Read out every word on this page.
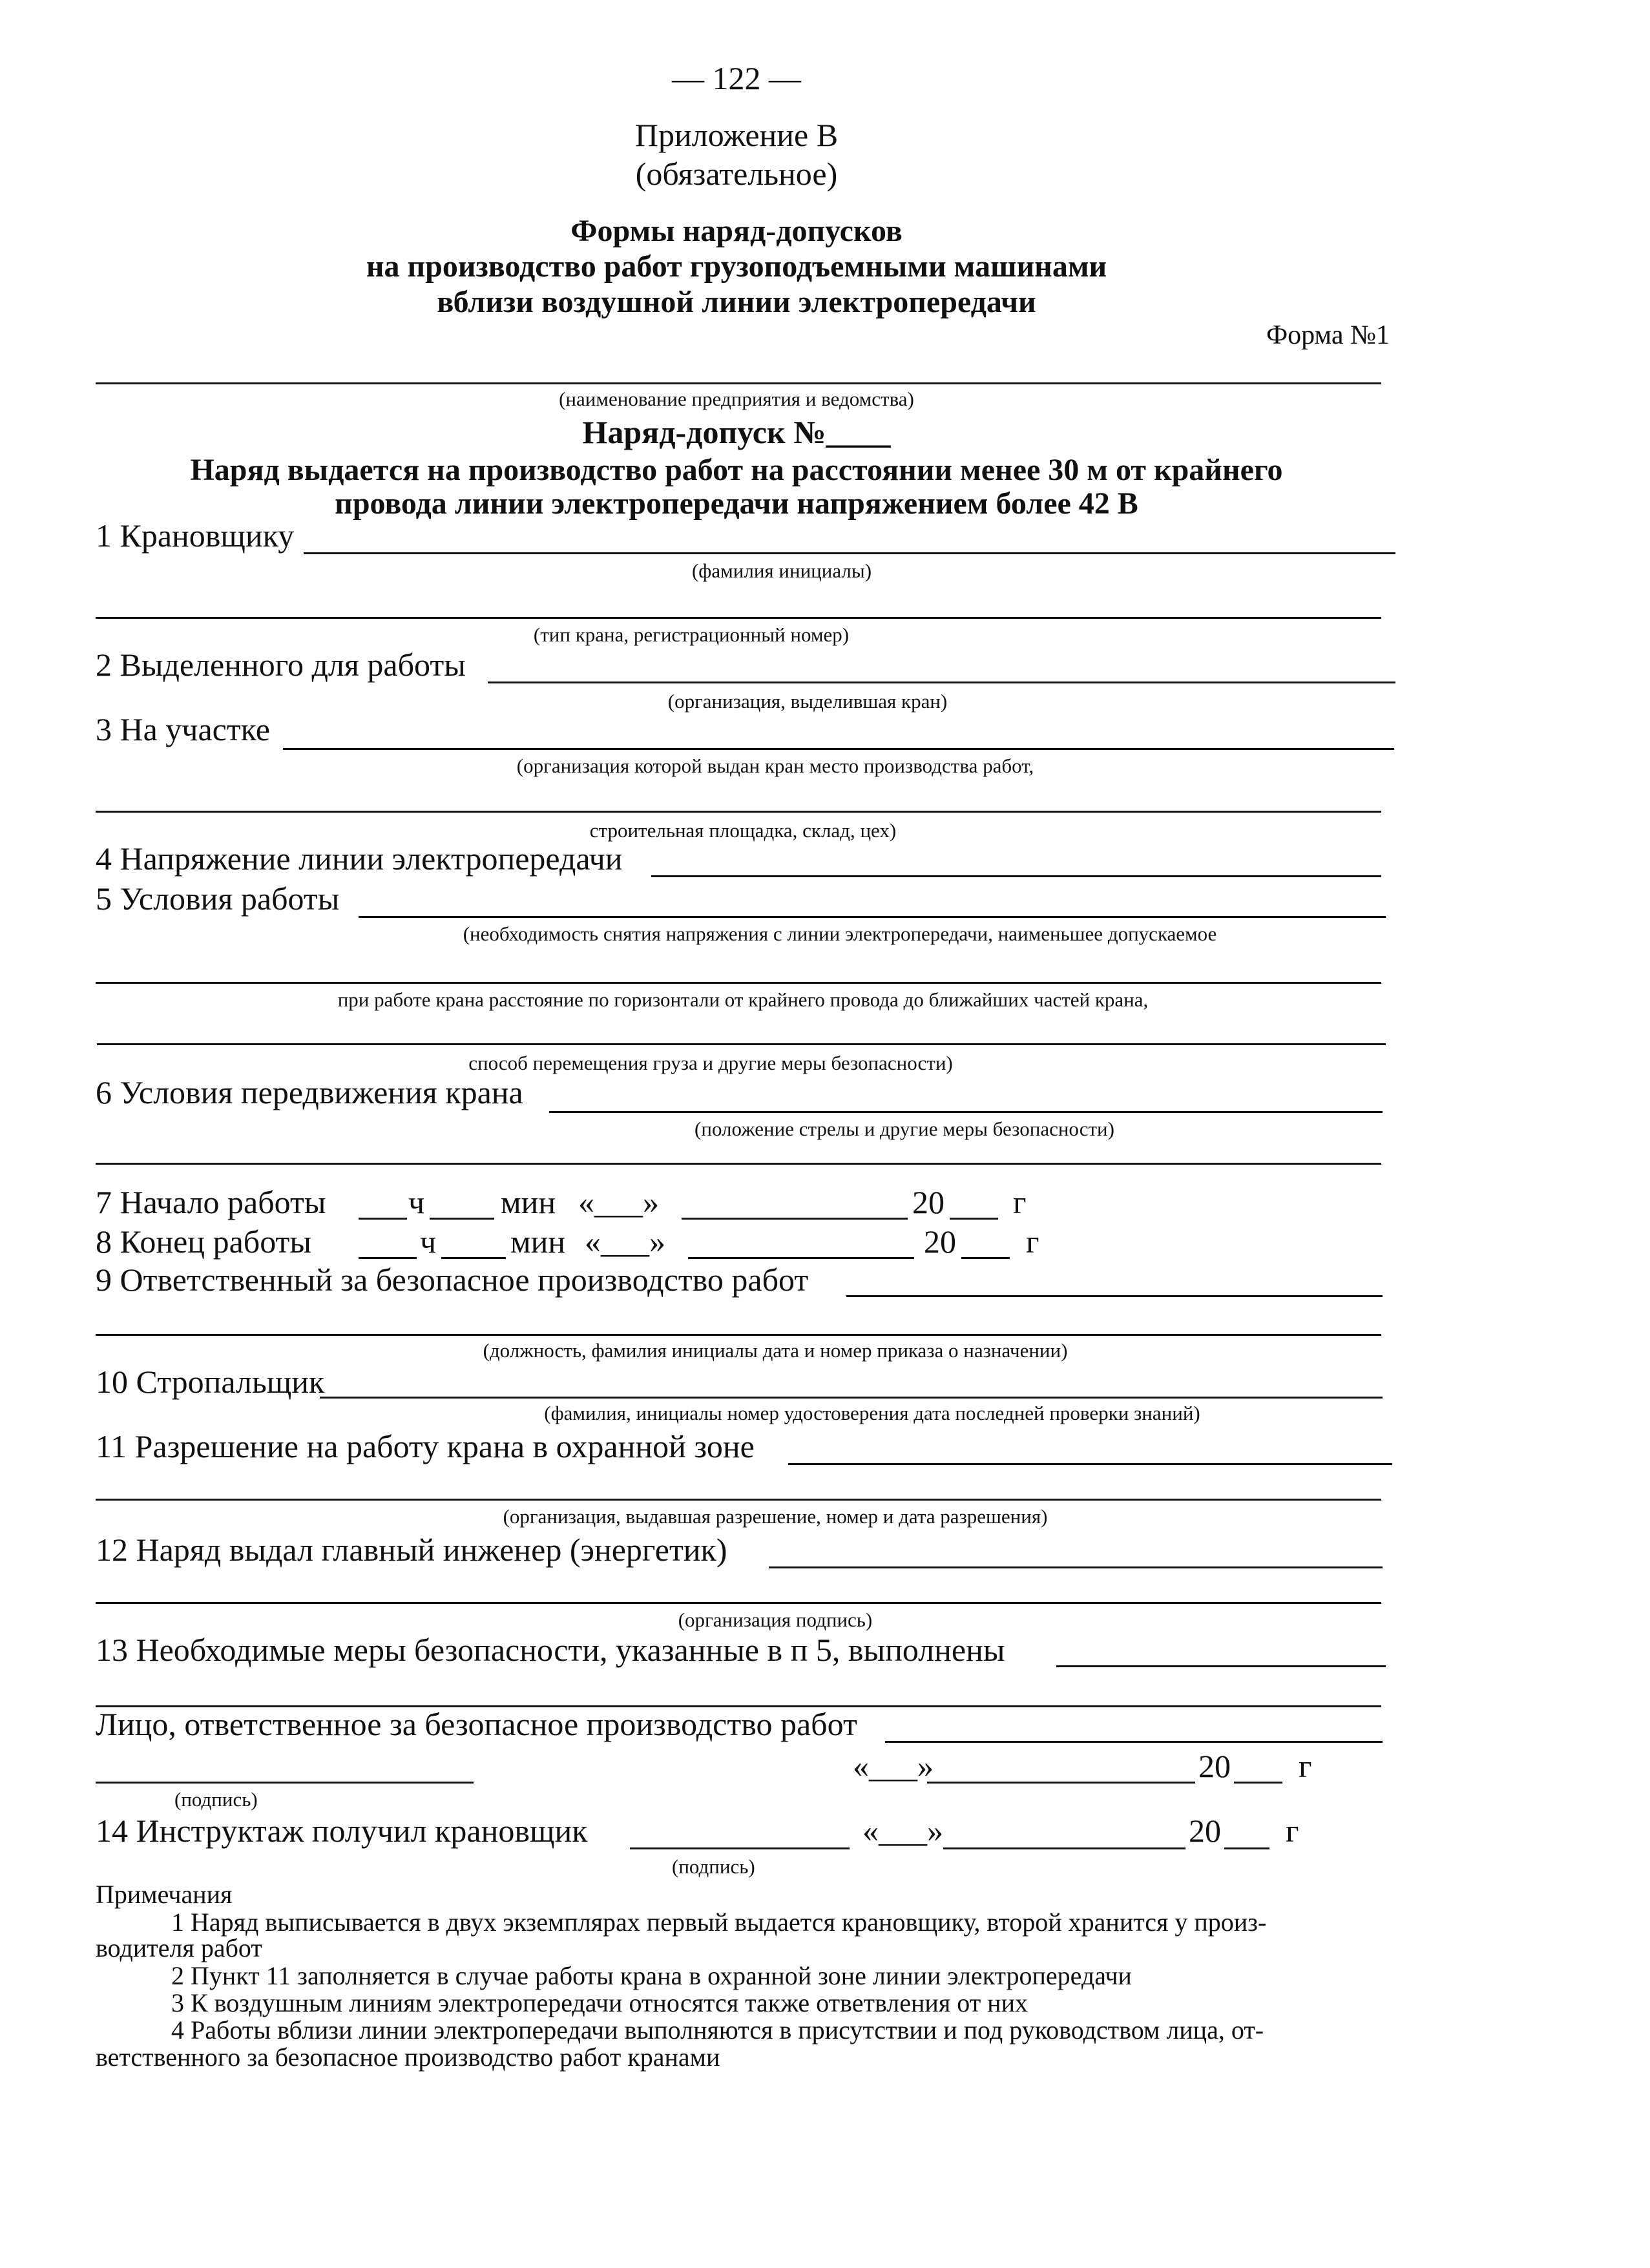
— 122 —
Приложение В
(обязательное)
Формы наряд-допусков
на производство работ грузоподъемными машинами
вблизи воздушной линии электропередачи
Форма №1
(наименование предприятия и ведомства)
Наряд-допуск №____
Наряд выдается на производство работ на расстоянии менее 30 м от крайнего
провода линии электропередачи напряжением более 42 В
1 Крановщику
(фамилия инициалы)
(тип крана, регистрационный номер)
2 Выделенного для работы
(организация, выделившая кран)
3 На участке
(организация которой выдан кран место производства работ,
строительная площадка, склад, цех)
4 Напряжение линии электропередачи
5 Условия работы
(необходимость снятия напряжения с линии электропередачи, наименьшее допускаемое
при работе крана расстояние по горизонтали от крайнего провода до ближайших частей крана,
способ перемещения груза и другие меры безопасности)
6 Условия передвижения крана
(положение стрелы и другие меры безопасности)
7 Начало работы	ч мин «___»	20 г
8 Конец работы	ч мин «___»	20 г
9 Ответственный за безопасное производство работ
(должность, фамилия инициалы дата и номер приказа о назначении)
10 Стропальщик
(фамилия, инициалы номер удостоверения дата последней проверки знаний)
11 Разрешение на работу крана в охранной зоне
(организация, выдавшая разрешение, номер и дата разрешения)
12 Наряд выдал главный инженер (энергетик)
(организация подпись)
13 Необходимые меры безопасности, указанные в п 5, выполнены
Лицо, ответственное за безопасное производство работ
«___»	20 г
(подпись)
14 Инструктаж получил крановщик
(подпись)
«___»	20 г
Примечания
1 Наряд выписывается в двух экземплярах первый выдается крановщику, второй хранится у произ-
водителя работ
2 Пункт 11 заполняется в случае работы крана в охранной зоне линии электропередачи
3 К воздушным линиям электропередачи относятся также ответвления от них
4 Работы вблизи линии электропередачи выполняются в присутствии и под руководством лица, от-
ветственного за безопасное производство работ кранами
